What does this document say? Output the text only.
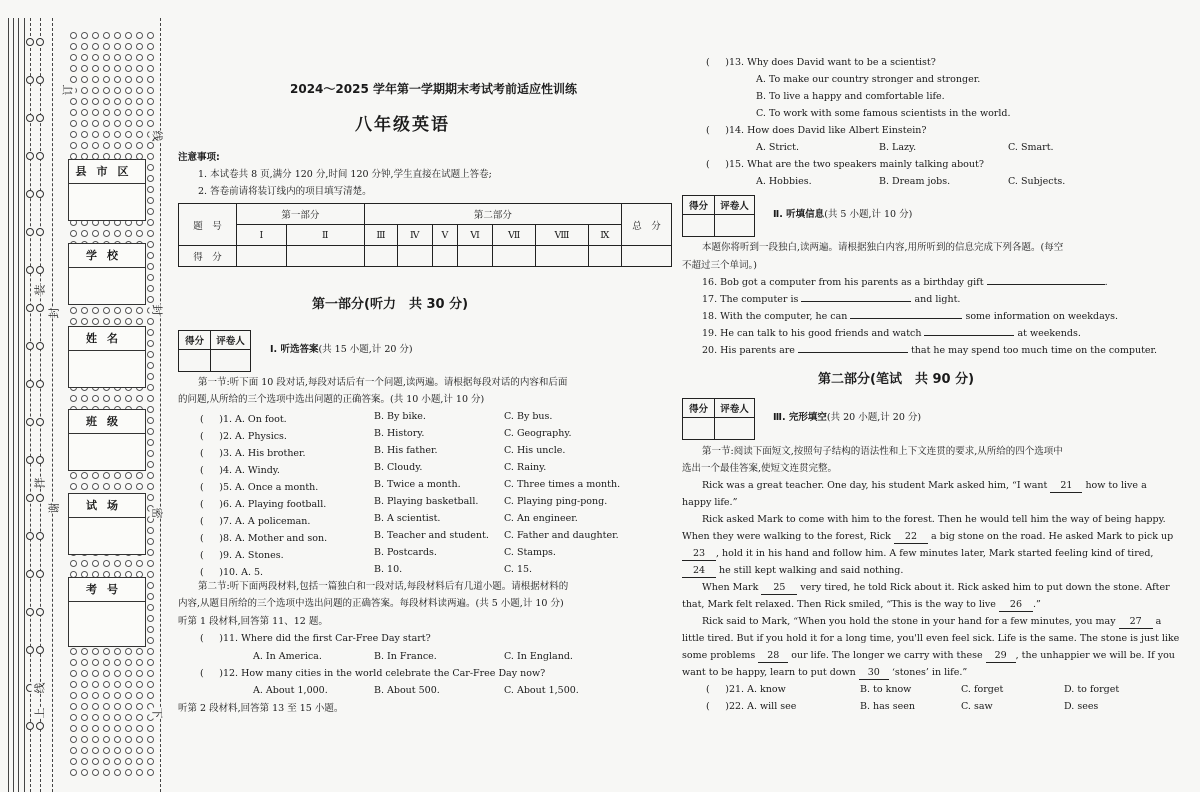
订
线
装
封	封
拌
谢	密
线
上	下
县市区
学校
姓名
班级
试场
考号
2024～2025 学年第一学期期末考试考前适应性训练
八年级英语
注意事项:
1. 本试卷共 8 页,满分 120 分,时间 120 分钟,学生直接在试题上答卷;
2. 答卷前请将装订线内的项目填写清楚。
题　号	第一部分		第二部分							总　分
	Ⅰ	Ⅱ	Ⅲ	Ⅳ	Ⅴ	Ⅵ	Ⅶ	Ⅷ	Ⅸ	
得　分										
第一部分(听力　共 30 分)
得分	评卷人

Ⅰ. 听选答案(共 15 小题,计 20 分)
第一节:听下面 10 段对话,每段对话后有一个问题,读两遍。请根据每段对话的内容和后面
的问题,从所给的三个选项中选出问题的正确答案。(共 10 小题,计 10 分)
( 　 )1. A. On foot.	B. By bike.	C. By bus.
( 　 )2. A. Physics.	B. History.	C. Geography.
( 　 )3. A. His brother.	B. His father.	C. His uncle.
( 　 )4. A. Windy.	B. Cloudy.	C. Rainy.
( 　 )5. A. Once a month.	B. Twice a month.	C. Three times a month.
( 　 )6. A. Playing football.	B. Playing basketball.	C. Playing ping-pong.
( 　 )7. A. A policeman.	B. A scientist.	C. An engineer.
( 　 )8. A. Mother and son.	B. Teacher and student. C. Father and daughter.
( 　 )9. A. Stones.	B. Postcards.	C. Stamps.
( 　 )10. A. 5.	B. 10.	C. 15.
第二节:听下面两段材料,包括一篇独白和一段对话,每段材料后有几道小题。请根据材料的
内容,从题目所给的三个选项中选出问题的正确答案。每段材料读两遍。(共 5 小题,计 10 分)
听第 1 段材料,回答第 11、12 题。
( 　 )11. Where did the first Car-Free Day start?
A. In America.	B. In France.	C. In England.
( 　 )12. How many cities in the world celebrate the Car-Free Day now?
A. About 1,000.	B. About 500.	C. About 1,500.
听第 2 段材料,回答第 13 至 15 小题。
( 　 )13. Why does David want to be a scientist?
A. To make our country stronger and stronger.
B. To live a happy and comfortable life.
C. To work with some famous scientists in the world.
( 　 )14. How does David like Albert Einstein?
A. Strict.	B. Lazy.	C. Smart.
( 　 )15. What are the two speakers mainly talking about?
A. Hobbies.	B. Dream jobs.	C. Subjects.
得分	评卷人

Ⅱ. 听填信息(共 5 小题,计 10 分)
本题你将听到一段独白,读两遍。请根据独白内容,用所听到的信息完成下列各题。(每空
不超过三个单词。)
16. Bob got a computer from his parents as a birthday gift	.
17. The computer is	and light.
18. With the computer, he can	some information on weekdays.
19. He can talk to his good friends and watch	at weekends.
20. His parents are	that he may spend too much time on the computer.
第二部分(笔试　共 90 分)
得分	评卷人

Ⅲ. 完形填空(共 20 小题,计 20 分)
第一节:阅读下面短文,按照句子结构的语法性和上下文连贯的要求,从所给的四个选项中
选出一个最佳答案,使短文连贯完整。
Rick was a great teacher. One day, his student Mark asked him, “I want 21 how to live a
happy life.”
Rick asked Mark to come with him to the forest. Then he would tell him the way of being happy.
When they were walking to the forest, Rick 22 a big stone on the road. He asked Mark to pick up
23 , hold it in his hand and follow him. A few minutes later, Mark started feeling kind of tired,
24 he still kept walking and said nothing.
When Mark 25 very tired, he told Rick about it. Rick asked him to put down the stone. After
that, Mark felt relaxed. Then Rick smiled, “This is the way to live 26 .”
Rick said to Mark, “When you hold the stone in your hand for a few minutes, you may 27 a
little tired. But if you hold it for a long time, you'll even feel sick. Life is the same. The stone is just like
some problems 28 our life. The longer we carry with these 29 , the unhappier we will be. If you
want to be happy, learn to put down 30 ‘stones’ in life.”
( 　 )21. A. know	B. to know	C. forget	D. to forget
( 　 )22. A. will see	B. has seen	C. saw	D. sees
